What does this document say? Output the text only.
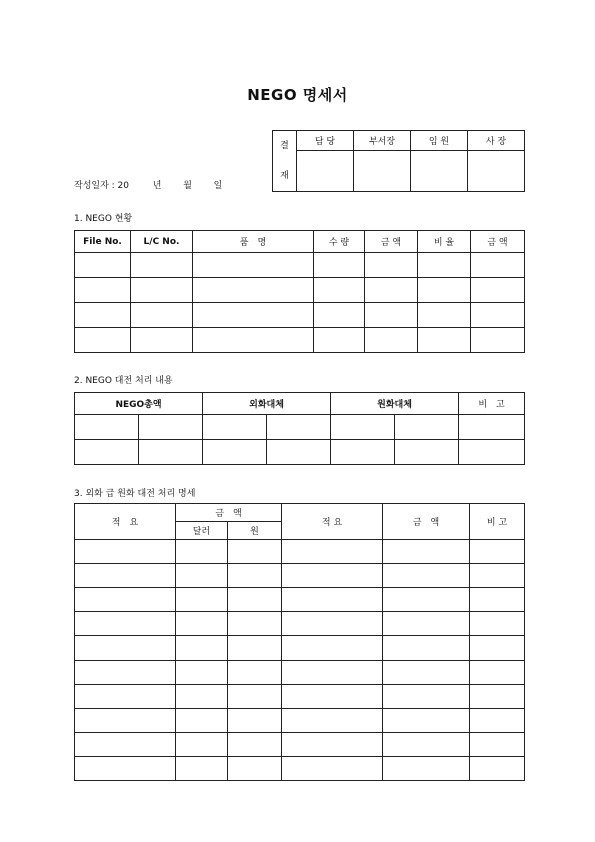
NEGO 명세서
결
재	담 당	부서장	임 원	사 장

작성일자 : 20	년 월 일
1. NEGO 현황
File No.	L/C No.	품　명	수 량	금 액	비 율	금 액

2. NEGO 대전 처리 내용
NEGO총액		외화대체		원화대체		비　고

3. 외화 급 원화 대전 처리 명세
적　요	금　액		적 요	금　액	비 고
	달러	원			
